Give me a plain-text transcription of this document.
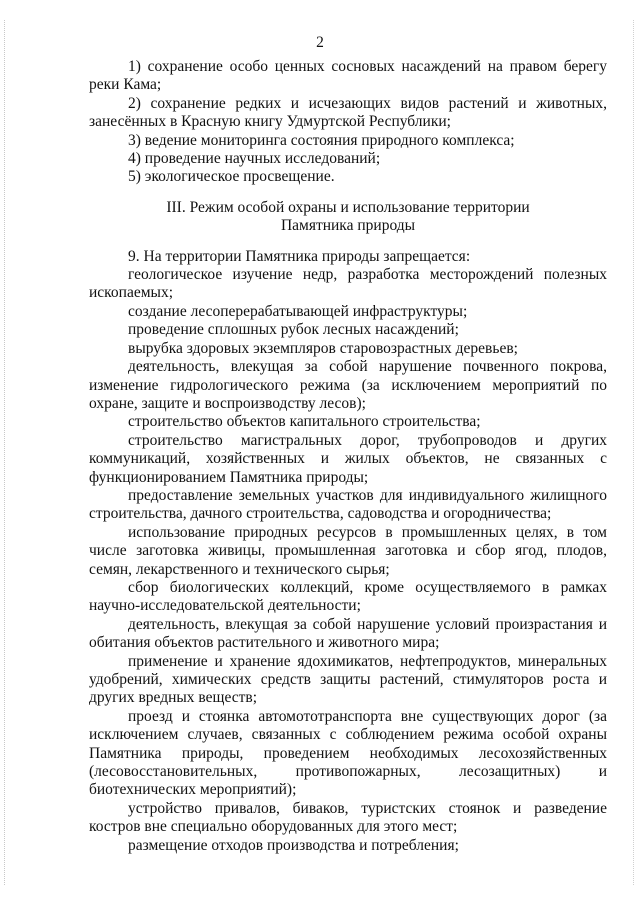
2

1) сохранение особо ценных сосновых насаждений на правом берегу реки Кама;

2) сохранение редких и исчезающих видов растений и животных, занесённых в Красную книгу Удмуртской Республики;

3) ведение мониторинга состояния природного комплекса;

4) проведение научных исследований;

5) экологическое просвещение.

III. Режим особой охраны и использование территории
Памятника природы

9. На территории Памятника природы запрещается:

геологическое изучение недр, разработка месторождений полезных ископаемых;

создание лесоперерабатывающей инфраструктуры;

проведение сплошных рубок лесных насаждений;

вырубка здоровых экземпляров старовозрастных деревьев;

деятельность, влекущая за собой нарушение почвенного покрова, изменение гидрологического режима (за исключением мероприятий по охране, защите и воспроизводству лесов);

строительство объектов капитального строительства;

строительство магистральных дорог, трубопроводов и других коммуникаций, хозяйственных и жилых объектов, не связанных с функционированием Памятника природы;

предоставление земельных участков для индивидуального жилищного строительства, дачного строительства, садоводства и огородничества;

использование природных ресурсов в промышленных целях, в том числе заготовка живицы, промышленная заготовка и сбор ягод, плодов, семян, лекарственного и технического сырья;

сбор биологических коллекций, кроме осуществляемого в рамках научно-исследовательской деятельности;

деятельность, влекущая за собой нарушение условий произрастания и обитания объектов растительного и животного мира;

применение и хранение ядохимикатов, нефтепродуктов, минеральных удобрений, химических средств защиты растений, стимуляторов роста и других вредных веществ;

проезд и стоянка автомототранспорта вне существующих дорог (за исключением случаев, связанных с соблюдением режима особой охраны Памятника природы, проведением необходимых лесохозяйственных (лесовосстановительных, противопожарных, лесозащитных) и биотехнических мероприятий);

устройство привалов, биваков, туристских стоянок и разведение костров вне специально оборудованных для этого мест;

размещение отходов производства и потребления;
